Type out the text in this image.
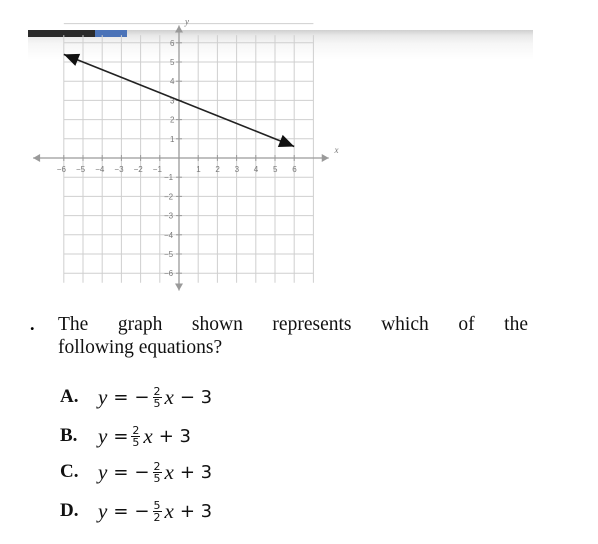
−6 −5 −4 −3 −2 −1	1 2 3 4 5 6
6
5
4
3
2
1
−1
−2
−3
−4
−5
−6
x
y
. The graph shown represents which of the
following equations?
A. y = − $\frac{2}{5}$ x − 3
B. $y = \frac{2}{5}$ x + 3
C. y = − $\frac{2}{5}$ x + 3
D. y = − $\frac{5}{2}$ x + 3
